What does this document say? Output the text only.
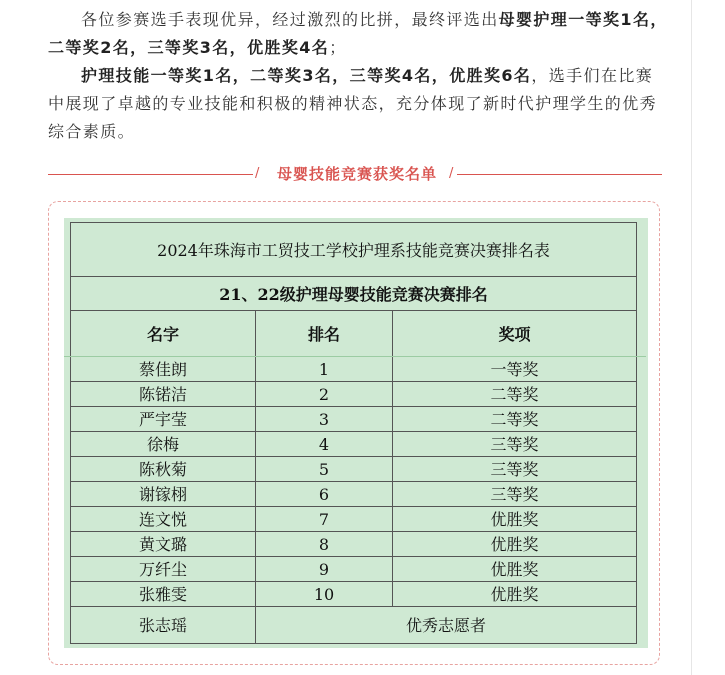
各位参赛选手表现优异，经过激烈的比拼，最终评选出母婴护理一等奖1名，二等奖2名，三等奖3名，优胜奖4名；

护理技能一等奖1名，二等奖3名，三等奖4名，优胜奖6名，选手们在比赛中展现了卓越的专业技能和积极的精神状态，充分体现了新时代护理学生的优秀综合素质。

/	母婴技能竞赛获奖名单 /
2024年珠海市工贸技工学校护理系技能竞赛决赛排名表		
21、22级护理母婴技能竞赛决赛排名		
名字	排名	奖项
蔡佳朗	1	一等奖
陈锘洁	2	二等奖
严宇莹	3	二等奖
徐梅	4	三等奖
陈秋菊	5	三等奖
谢镓栩	6	三等奖
连文悦	7	优胜奖
黄文璐	8	优胜奖
万纤尘	9	优胜奖
张雅雯	10	优胜奖
张志瑶	优秀志愿者	
